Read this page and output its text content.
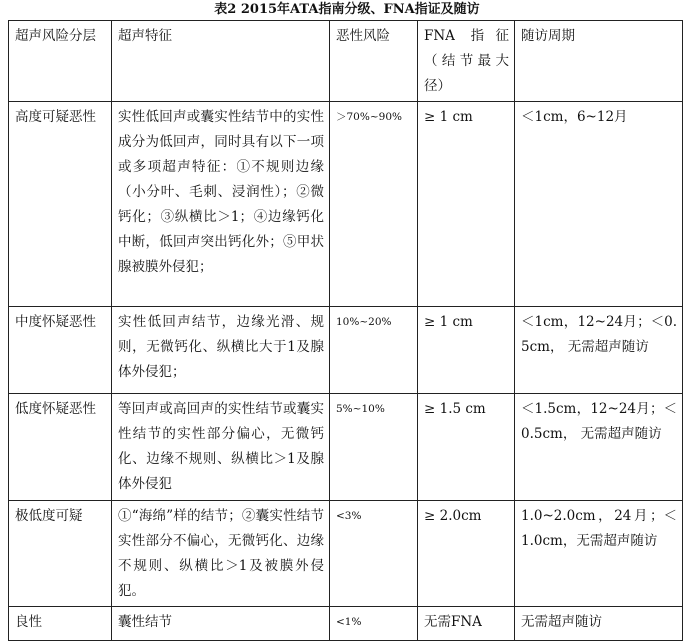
表2 2015年ATA指南分级、FNA指证及随访
超声风险分层	超声特征	恶性风险	FNA 指征（结节最大径）	随访周期
高度可疑恶性	实性低回声或囊实性结节中的实性成分为低回声，同时具有以下一项或多项超声特征：①不规则边缘（小分叶、毛刺、浸润性）；②微钙化；③纵横比＞1；④边缘钙化中断，低回声突出钙化外；⑤甲状腺被膜外侵犯；	＞70%~90%	≥ 1 cm	＜1cm，6~12月
中度怀疑恶性	实性低回声结节，边缘光滑、规则，无微钙化、纵横比大于1及腺体外侵犯；	10%~20%	≥ 1 cm	＜1cm，12~24月；＜0.5cm， 无需超声随访
低度怀疑恶性	等回声或高回声的实性结节或囊实性结节的实性部分偏心，无微钙化、边缘不规则、纵横比＞1及腺体外侵犯	5%~10%	≥ 1.5 cm	＜1.5cm，12~24月；＜0.5cm， 无需超声随访
极低度可疑	①“海绵”样的结节；②囊实性结节实性部分不偏心，无微钙化、边缘不规则、纵横比＞1及被膜外侵犯。	<3%	≥ 2.0cm	1.0~2.0cm，24月；＜1.0cm，无需超声随访
良性	囊性结节	<1%	无需FNA	无需超声随访
